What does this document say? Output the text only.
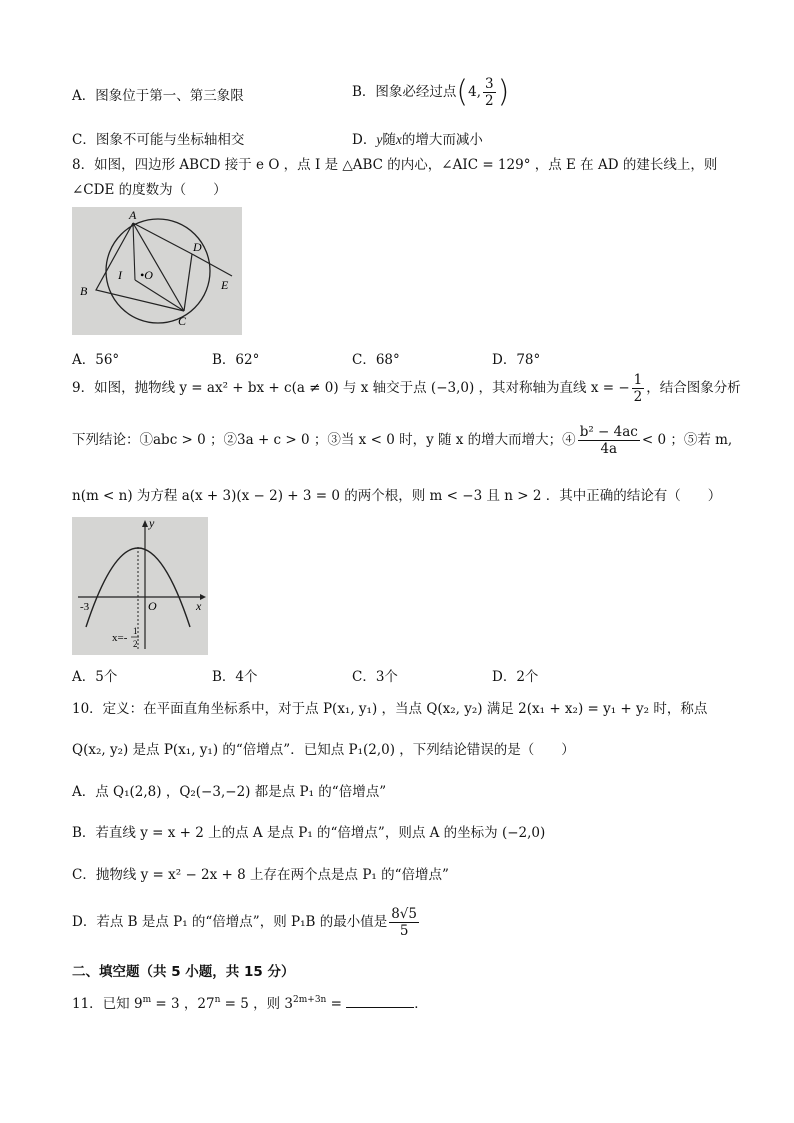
A．图象位于第一、第三象限	B．图象必经过点(4, $\frac{3}{2}$ )
C．图象不可能与坐标轴相交	D．y随x的增大而减小
8．如图，四边形 ABCD 接于 e O ，点 I 是 △ABC 的内心，∠AIC = 129° ，点 E 在 AD 的建长线上，则
∠CDE 的度数为（　　）
A
B
C
D
E
I •O
A．56°	B．62°	C．68°	D．78°
9．如图，抛物线 y = ax² + bx + c(a ≠ 0) 与 x 轴交于点 (−3,0) ，其对称轴为直线 x = − $\frac{1}{2}$ ，结合图象分析
下列结论：①abc > 0 ；②3a + c > 0 ；③当 x < 0 时，y 随 x 的增大而增大；④ $\frac{\text{b² − 4ac}}{4a} < 0$ ；⑤若 m,
n(m < n) 为方程 a(x + 3)(x − 2) + 3 = 0 的两个根，则 m < −3 且 n > 2 ．其中正确的结论有（　　）
y
x
O
-3
x=-
1
2
A．5个	B．4个	C．3个	D．2个
10．定义：在平面直角坐标系中，对于点 P(x₁, y₁) ，当点 Q(x₂, y₂) 满足 2(x₁ + x₂) = y₁ + y₂ 时，称点
Q(x₂, y₂) 是点 P(x₁, y₁) 的“倍增点”．已知点 P₁(2,0) ，下列结论错误的是（　　）
A．点 Q₁(2,8) ，Q₂(−3,−2) 都是点 P₁ 的“倍增点”
B．若直线 y = x + 2 上的点 A 是点 P₁ 的“倍增点”，则点 A 的坐标为 (−2,0)
C．抛物线 y = x² − 2x + 8 上存在两个点是点 P₁ 的“倍增点”
D．若点 B 是点 P₁ 的“倍增点”，则 P₁B 的最小值是 $\frac{8√5}{5}$
二、填空题（共 5 小题，共 15 分）
11．已知 $9^m = 3$ ，$27^n = 5$ ，则 $3^{2m+3n}$ =	．
